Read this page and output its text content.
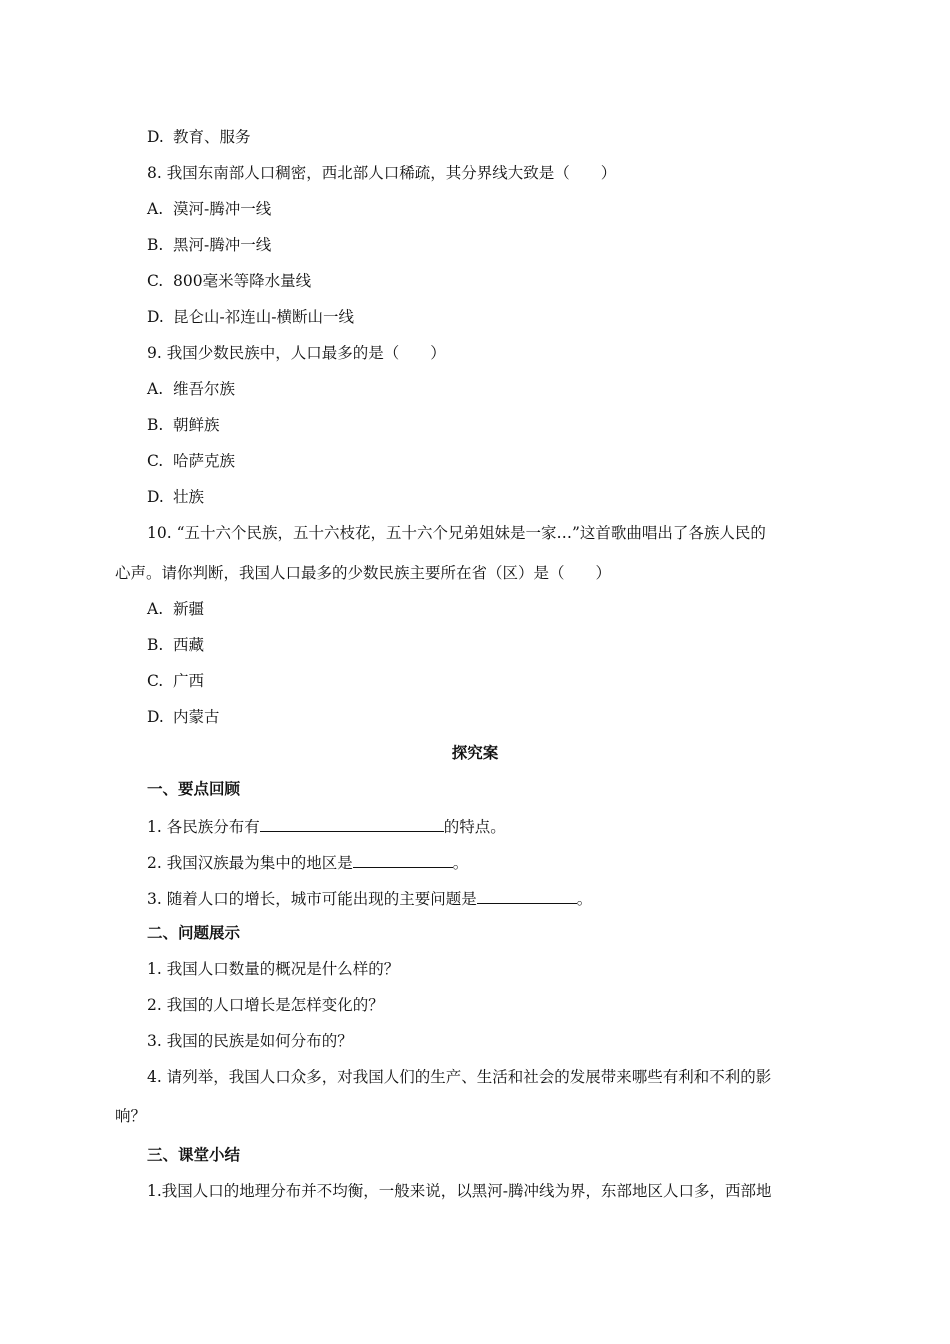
D. 教育、服务
8. 我国东南部人口稠密，西北部人口稀疏，其分界线大致是（　　）
A. 漠河-腾冲一线
B. 黑河-腾冲一线
C. 800毫米等降水量线
D. 昆仑山-祁连山-横断山一线
9. 我国少数民族中，人口最多的是（　　）
A. 维吾尔族
B. 朝鲜族
C. 哈萨克族
D. 壮族
10. “五十六个民族，五十六枝花，五十六个兄弟姐妹是一家…”这首歌曲唱出了各族人民的
心声。请你判断，我国人口最多的少数民族主要所在省（区）是（　　）
A. 新疆
B. 西藏
C. 广西
D. 内蒙古
探究案
一、要点回顾
1. 各民族分布有	的特点。
2. 我国汉族最为集中的地区是	。
3. 随着人口的增长，城市可能出现的主要问题是	。
二、问题展示
1. 我国人口数量的概况是什么样的？
2. 我国的人口增长是怎样变化的？
3. 我国的民族是如何分布的？
4. 请列举，我国人口众多，对我国人们的生产、生活和社会的发展带来哪些有利和不利的影
响？
三、课堂小结
1.我国人口的地理分布并不均衡，一般来说，以黑河-腾冲线为界，东部地区人口多，西部地
